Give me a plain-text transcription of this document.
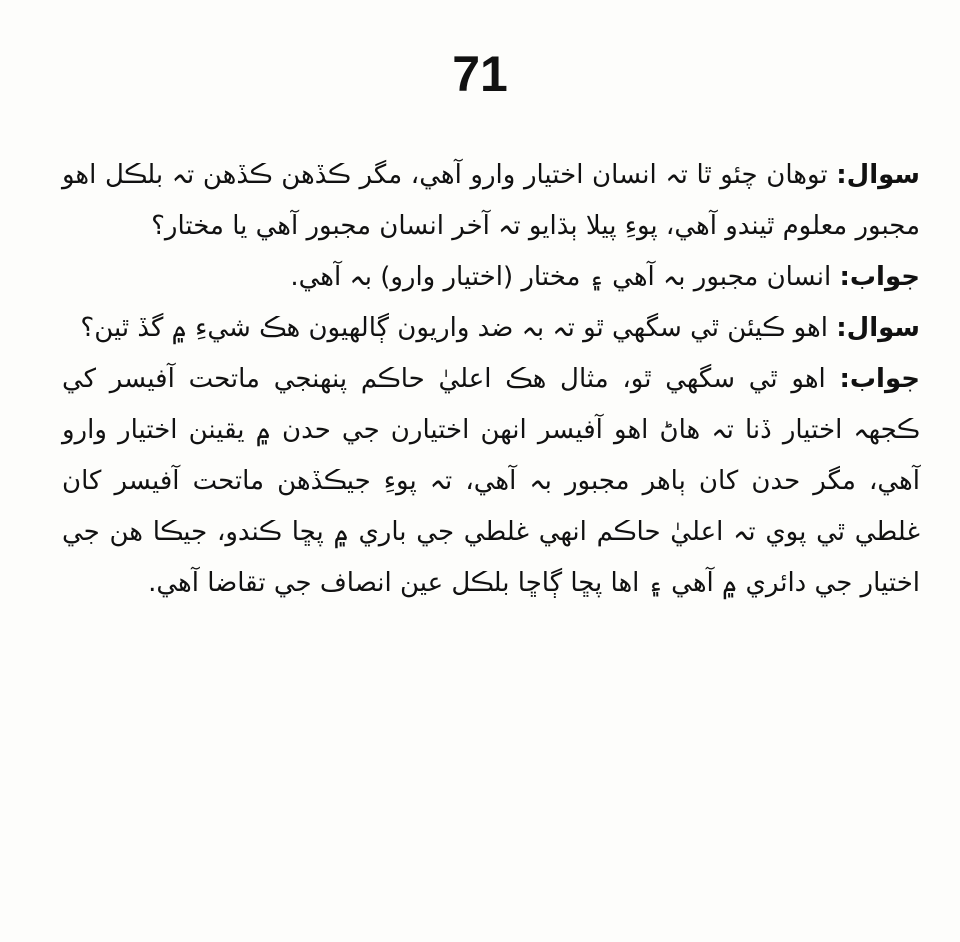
71

سوال: توهان چئو ٿا تہ انسان اختيار وارو آهي، مگر ڪڏهن ڪڏهن تہ بلڪل اهو مجبور معلوم ٿيندو آهي، پوءِ پيلا ٻڌايو تہ آخر انسان مجبور آهي يا مختار؟

جواب: انسان مجبور بہ آهي ۽ مختار (اختيار وارو) بہ آهي.

سوال: اهو ڪيئن ٿي سگهي ٿو تہ بہ ضد واريون ڳالهيون هڪ شيءِ ۾ گڏ ٿين؟

جواب: اهو ٿي سگهي ٿو، مثال هڪ اعليٰ حاڪم پنهنجي ماتحت آفيسر کي ڪجهہ اختيار ڏنا تہ هاڻ اهو آفيسر انهن اختيارن جي حدن ۾ يقينن اختيار وارو آهي، مگر حدن کان ٻاهر مجبور بہ آهي، تہ پوءِ جيڪڏهن ماتحت آفيسر کان غلطي ٿي پوي تہ اعليٰ حاڪم انهي غلطي جي باري ۾ پڇا ڪندو، جيڪا هن جي اختيار جي دائري ۾ آهي ۽ اها پڇا ڳاڇا بلڪل عين انصاف جي تقاضا آهي.
